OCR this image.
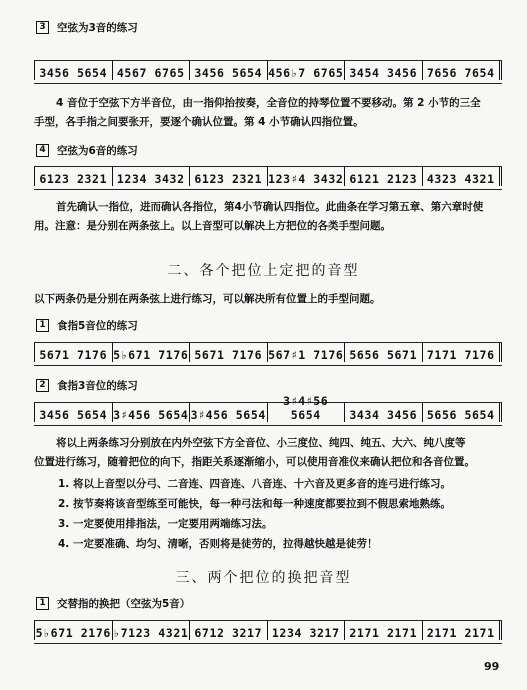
3	空弦为3音的练习
3456 5654 4567 6765 3456 5654 456♭7 6765 3454 3456 7656 7654
4 音位于空弦下方半音位，由一指仰抬按奏，全音位的持琴位置不要移动。第 2 小节的三全
手型，各手指之间要张开，要逐个确认位置。第 4 小节确认四指位置。
4	空弦为6音的练习
6123 2321 1234 3432 6123 2321 123♯4 3432 6121 2123 4323 4321
首先确认一指位，进而确认各指位，第4小节确认四指位。此曲条在学习第五章、第六章时使
用。注意：是分别在两条弦上。以上音型可以解决上方把位的各类手型问题。
二、各个把位上定把的音型
以下两条仍是分别在两条弦上进行练习，可以解决所有位置上的手型问题。
1	食指5音位的练习
5671 7176 5♭671 7176 5671 7176 567♯1 7176 5656 5671 7171 7176
2	食指3音位的练习
3456 5654 3♯456 5654 3♯456 5654
3♯4♯56 5654	3434 3456 5656 5654
将以上两条练习分别放在内外空弦下方全音位、小三度位、纯四、纯五、大六、纯八度等
位置进行练习，随着把位的向下，指距关系逐渐缩小，可以使用音准仪来确认把位和各音位置。
1. 将以上音型以分弓、二音连、四音连、八音连、十六音及更多音的连弓进行练习。
2. 按节奏将该音型练至可能快，每一种弓法和每一种速度都要拉到不假思索地熟练。
3. 一定要使用排指法，一定要用两端练习法。
4. 一定要准确、均匀、清晰，否则将是徒劳的，拉得越快越是徒劳！
三、两个把位的换把音型
1	交替指的换把（空弦为5音）
5♭671 2176 ♭7123 4321 6712 3217 1234 3217 2171 2171 2171 2171
99
